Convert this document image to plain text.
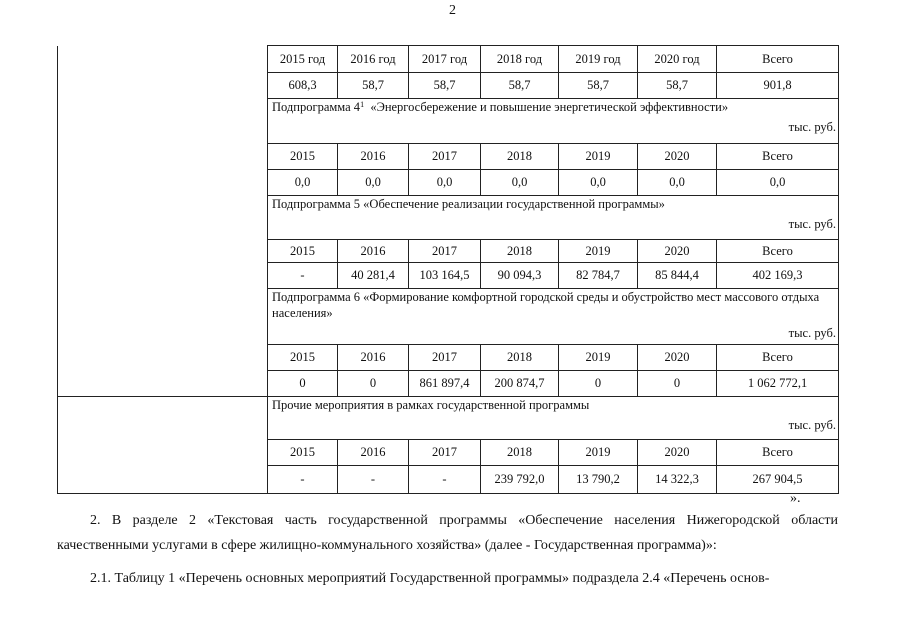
2
	2015 год	2016 год	2017 год	2018 год	2019 год	2020 год	Всего
	608,3	58,7	58,7	58,7	58,7	58,7	901,8
	Подпрограмма $4^1$  «Энергосбережение и повышение энергетической эффективности»
тыс. руб.						

	2015	2016	2017	2018	2019	2020	Всего
	0,0	0,0	0,0	0,0	0,0	0,0	0,0
	Подпрограмма 5 «Обеспечение реализации государственной программы»
тыс. руб.						

	2015	2016	2017	2018	2019	2020	Всего
	-	40 281,4	103 164,5	90 094,3	82 784,7	85 844,4	402 169,3
	Подпрограмма 6 «Формирование комфортной городской среды и обустройство мест массового отдыха населения»
тыс. руб.						

	2015	2016	2017	2018	2019	2020	Всего
	0	0	861 897,4	200 874,7	0	0	1 062 772,1
	Прочие мероприятия в рамках государственной программы
тыс. руб.						

	2015	2016	2017	2018	2019	2020	Всего
	-	-	-	239 792,0	13 790,2	14 322,3	267 904,5
».
2. В разделе 2 «Текстовая часть государственной программы «Обеспечение населения Нижегородской области качественными услугами в сфере жилищно-коммунального хозяйства» (далее - Государственная программа)»:
2.1. Таблицу 1 «Перечень основных мероприятий Государственной программы» подраздела 2.4 «Перечень основ-
